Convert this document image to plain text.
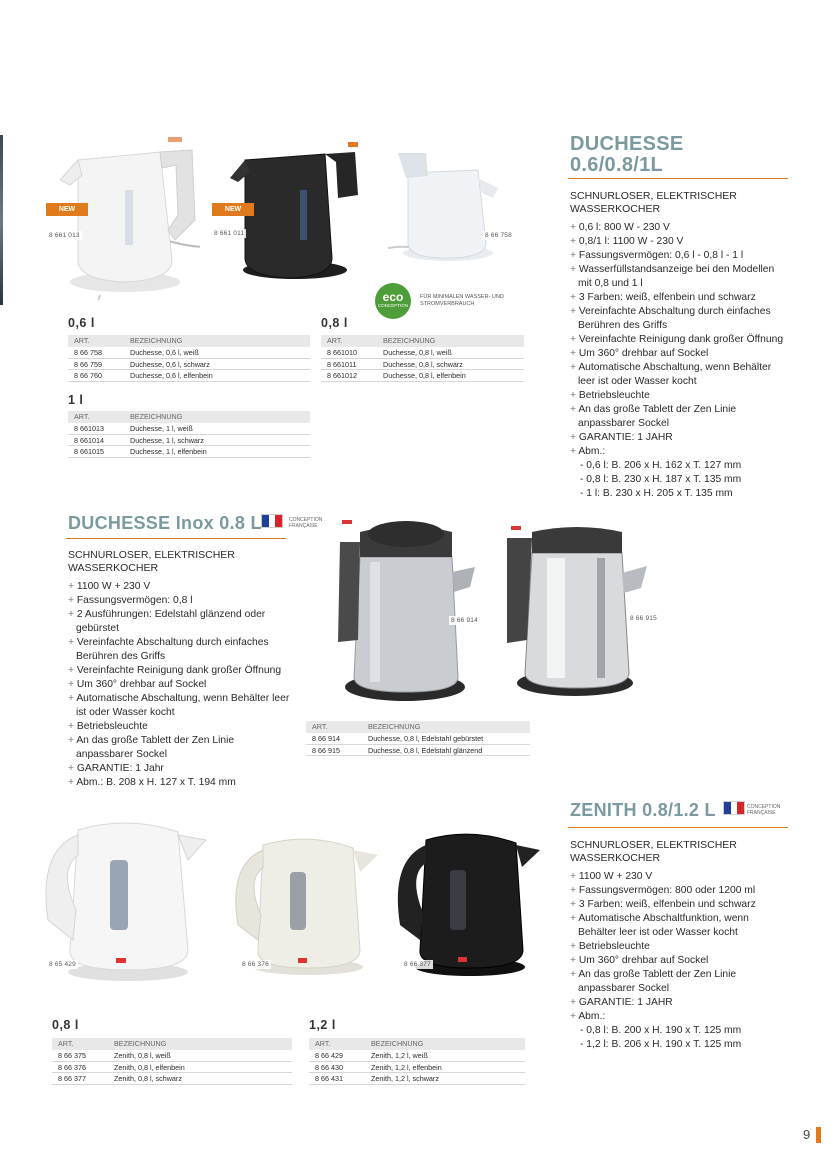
NEW
8 661 013
NEW
8 661 011	8 66 758
eco
CONCEPTION
FÜR MINIMALEN WASSER- UND STROMVERBRAUCH
DUCHESSE
0.6/0.8/1L
SCHNURLOSER, ELEKTRISCHER WASSERKOCHER
+ 0,6 l: 800 W - 230 V
+ 0,8/1 l: 1100 W - 230 V
+ Fassungsvermögen: 0,6 l - 0,8 l - 1 l
+ Wasserfüllstandsanzeige bei den Modellen mit 0,8 und 1 l
+ 3 Farben: weiß, elfenbein und schwarz
+ Vereinfachte Abschaltung durch einfaches Berühren des Griffs
+ Vereinfachte Reinigung dank großer Öffnung
+ Um 360° drehbar auf Sockel
+ Automatische Abschaltung, wenn Behälter leer ist oder Wasser kocht
+ Betriebsleuchte
+ An das große Tablett der Zen Linie anpassbarer Sockel
+ GARANTIE: 1 JAHR
+ Abm.:
- 0,6 l: B. 206 x H. 162 x T. 127 mm
- 0,8 l: B. 230 x H. 187 x T. 135 mm
- 1 l: B. 230 x H. 205 x T. 135 mm
0,6 l
ART.	BEZEICHNUNG
8 66 758	Duchesse, 0,6 l, weiß
8 66 759	Duchesse, 0,6 l, schwarz
8 66 760	Duchesse, 0,6 l, elfenbein
1 l
ART.	BEZEICHNUNG
8 661013	Duchesse, 1 l, weiß
8 661014	Duchesse, 1 l, schwarz
8 661015	Duchesse, 1 l, elfenbein
0,8 l
ART.	BEZEICHNUNG
8 661010	Duchesse, 0,8 l, weiß
8 661011	Duchesse, 0,8 l, schwarz
8 661012	Duchesse, 0,8 l, elfenbein
DUCHESSE Inox 0.8 L	CONCEPTION FRANÇAISE
SCHNURLOSER, ELEKTRISCHER WASSERKOCHER
+ 1100 W + 230 V
+ Fassungsvermögen: 0,8 l
+ 2 Ausführungen: Edelstahl glänzend oder gebürstet
+ Vereinfachte Abschaltung durch einfaches Berühren des Griffs
+ Vereinfachte Reinigung dank großer Öffnung
+ Um 360° drehbar auf Sockel
+ Automatische Abschaltung, wenn Behälter leer ist oder Wasser kocht
+ Betriebsleuchte
+ An das große Tablett der Zen Linie anpassbarer Sockel
+ GARANTIE: 1 Jahr
+ Abm.: B. 208 x H. 127 x T. 194 mm
8 66 914	8 66 915
ART.	BEZEICHNUNG
8 66 914	Duchesse, 0,8 l, Edelstahl gebürstet
8 66 915	Duchesse, 0,8 l, Edelstahl glänzend
ZENITH 0.8/1.2 L	CONCEPTION FRANÇAISE
SCHNURLOSER, ELEKTRISCHER WASSERKOCHER
+ 1100 W + 230 V
+ Fassungsvermögen: 800 oder 1200 ml
+ 3 Farben: weiß, elfenbein und schwarz
+ Automatische Abschaltfunktion, wenn Behälter leer ist oder Wasser kocht
+ Betriebsleuchte
+ Um 360° drehbar auf Sockel
+ An das große Tablett der Zen Linie anpassbarer Sockel
+ GARANTIE: 1 JAHR
+ Abm.:
- 0,8 l: B. 200 x H. 190 x T. 125 mm
- 1,2 l: B. 206 x H. 190 x T. 125 mm
8 65 429	8 66 376	8 66 377
0,8 l
ART.	BEZEICHNUNG
8 66 375	Zenith, 0,8 l, weiß
8 66 376	Zenith, 0,8 l, elfenbein
8 66 377	Zenith, 0,8 l, schwarz
1,2 l
ART.	BEZEICHNUNG
8 66 429	Zenith, 1,2 l, weiß
8 66 430	Zenith, 1,2 l, elfenbein
8 66 431	Zenith, 1,2 l, schwarz
9
